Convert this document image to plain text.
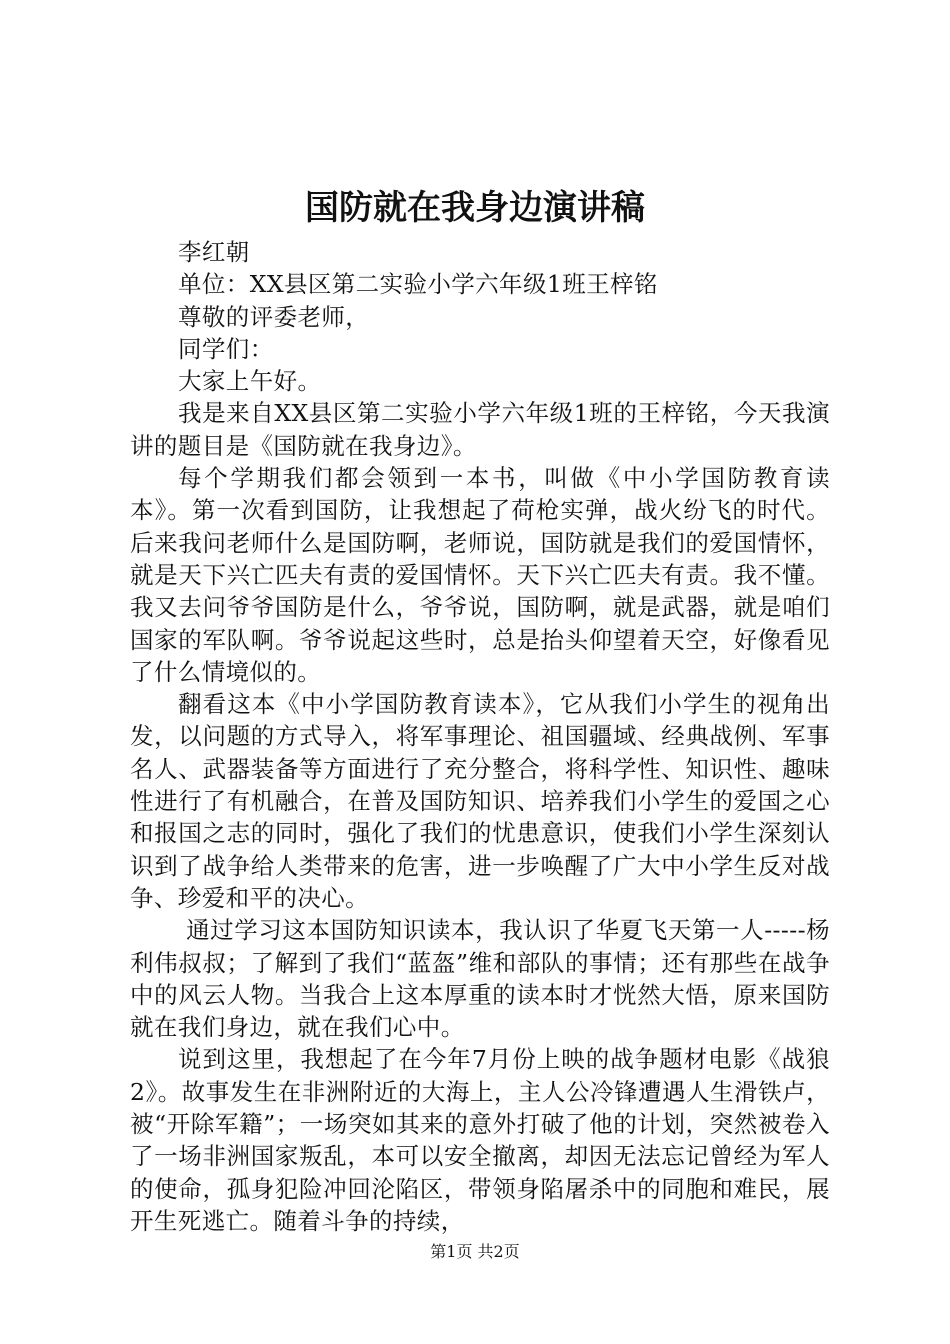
国防就在我身边演讲稿

李红朝

单位：XX县区第二实验小学六年级1班王梓铭

尊敬的评委老师，

同学们：

大家上午好。

我是来自XX县区第二实验小学六年级1班的王梓铭，今天我演讲的题目是《国防就在我身边》。

每个学期我们都会领到一本书，叫做《中小学国防教育读本》。第一次看到国防，让我想起了荷枪实弹，战火纷飞的时代。后来我问老师什么是国防啊，老师说，国防就是我们的爱国情怀，就是天下兴亡匹夫有责的爱国情怀。天下兴亡匹夫有责。我不懂。我又去问爷爷国防是什么，爷爷说，国防啊，就是武器，就是咱们国家的军队啊。爷爷说起这些时，总是抬头仰望着天空，好像看见了什么情境似的。

翻看这本《中小学国防教育读本》，它从我们小学生的视角出发，以问题的方式导入，将军事理论、祖国疆域、经典战例、军事名人、武器装备等方面进行了充分整合，将科学性、知识性、趣味性进行了有机融合，在普及国防知识、培养我们小学生的爱国之心和报国之志的同时，强化了我们的忧患意识，使我们小学生深刻认识到了战争给人类带来的危害，进一步唤醒了广大中小学生反对战争、珍爱和平的决心。

通过学习这本国防知识读本，我认识了华夏飞天第一人-----杨利伟叔叔；了解到了我们“蓝盔”维和部队的事情；还有那些在战争中的风云人物。当我合上这本厚重的读本时才恍然大悟，原来国防就在我们身边，就在我们心中。

说到这里，我想起了在今年7月份上映的战争题材电影《战狼2》。故事发生在非洲附近的大海上，主人公冷锋遭遇人生滑铁卢，被“开除军籍”；一场突如其来的意外打破了他的计划，突然被卷入了一场非洲国家叛乱，本可以安全撤离，却因无法忘记曾经为军人的使命，孤身犯险冲回沦陷区，带领身陷屠杀中的同胞和难民，展开生死逃亡。随着斗争的持续，

第1页 共2页
